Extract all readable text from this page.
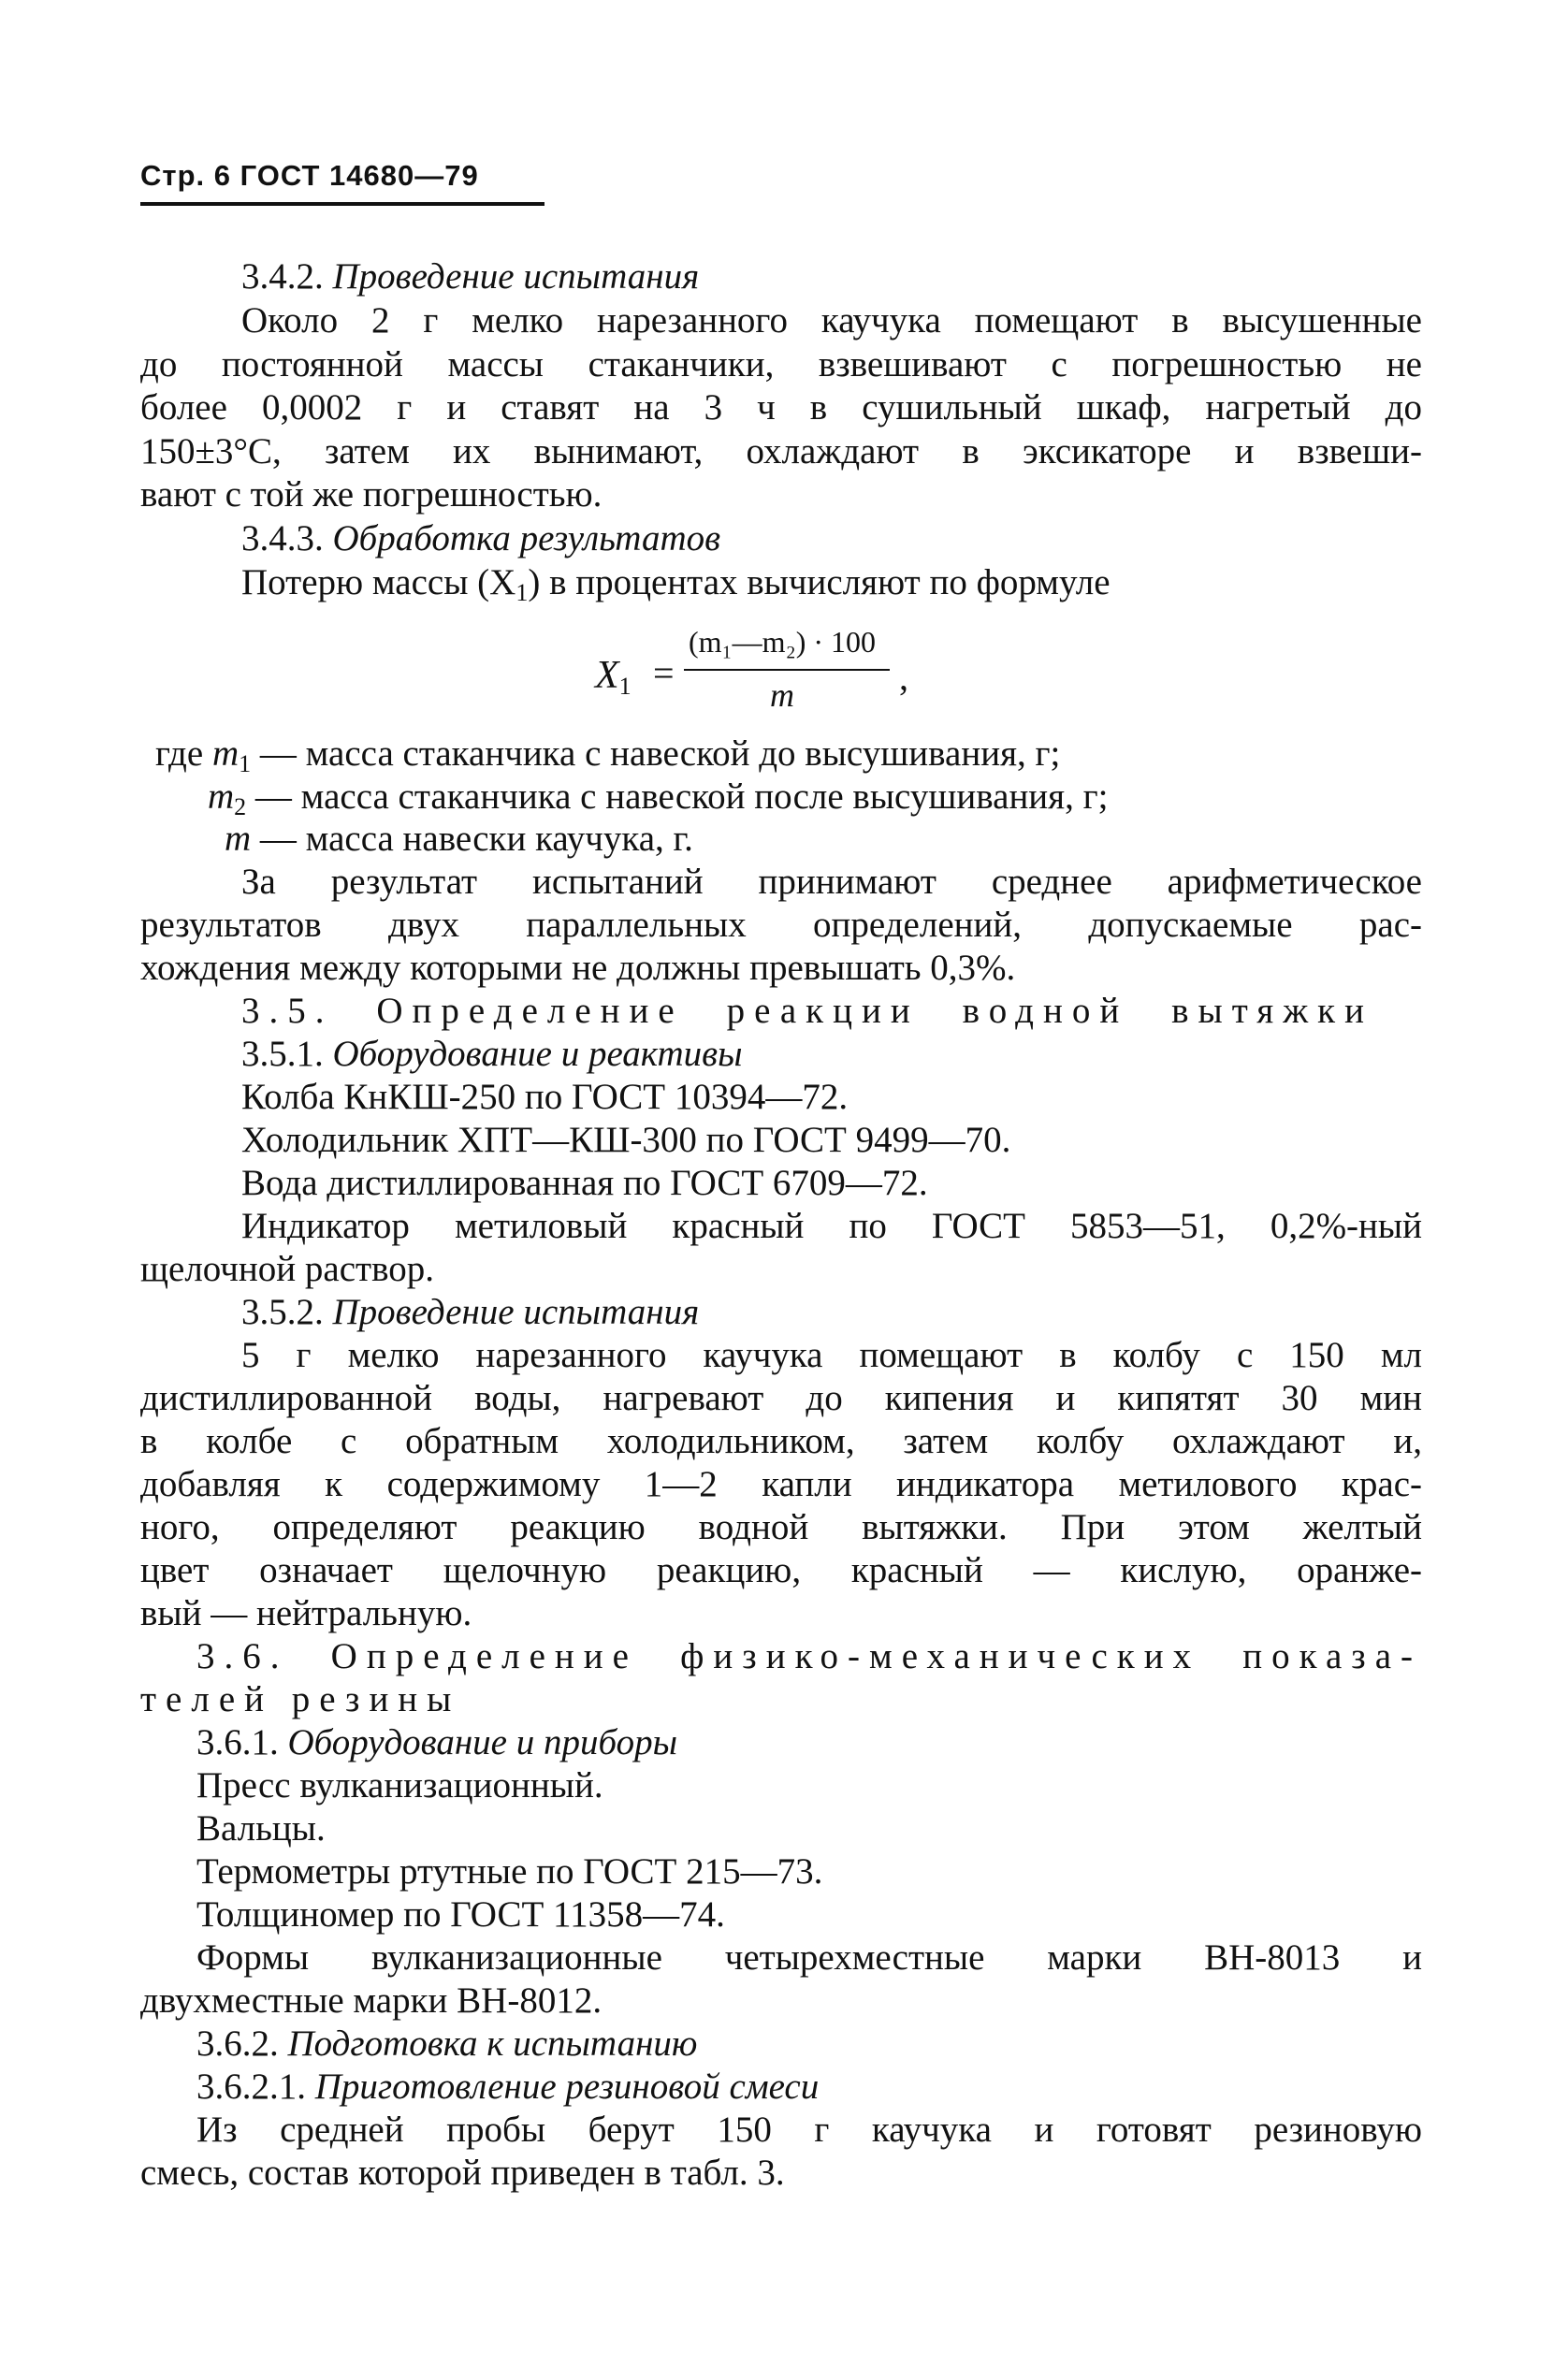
Стр. 6 ГОСТ 14680—79
3.4.2. Проведение испытания
Около 2 г мелко нарезанного каучука помещают в высушенные
до постоянной массы стаканчики, взвешивают с погрешностью не
более 0,0002 г и ставят на 3 ч в сушильный шкаф, нагретый до
150±3°С, затем их вынимают, охлаждают в эксикаторе и взвеши-
вают с той же погрешностью.
3.4.3. Обработка результатов
Потерю массы $(X_1)$ в процентах вычисляют по формуле
$X_1$ =
(m₁—m₂) · 100
m	,
где $m_1$ — масса стаканчика с навеской до высушивания, г;
$m_2$ — масса стаканчика с навеской после высушивания, г;
m — масса навески каучука, г.
За результат испытаний принимают среднее арифметическое
результатов двух параллельных определений, допускаемые рас-
хождения между которыми не должны превышать 0,3%.
3.5. Определение реакции водной вытяжки
3.5.1. Оборудование и реактивы
Колба КнКШ-250 по ГОСТ 10394—72.
Холодильник ХПТ—КШ-300 по ГОСТ 9499—70.
Вода дистиллированная по ГОСТ 6709—72.
Индикатор метиловый красный по ГОСТ 5853—51, 0,2%-ный
щелочной раствор.
3.5.2. Проведение испытания
5 г мелко нарезанного каучука помещают в колбу с 150 мл
дистиллированной воды, нагревают до кипения и кипятят 30 мин
в колбе с обратным холодильником, затем колбу охлаждают и,
добавляя к содержимому 1—2 капли индикатора метилового крас-
ного, определяют реакцию водной вытяжки. При этом желтый
цвет означает щелочную реакцию, красный — кислую, оранже-
вый — нейтральную.
3.6. Определение физико-механических показа-
телей резины
3.6.1. Оборудование и приборы
Пресс вулканизационный.
Вальцы.
Термометры ртутные по ГОСТ 215—73.
Толщиномер по ГОСТ 11358—74.
Формы вулканизационные четырехместные марки ВН-8013 и
двухместные марки ВН-8012.
3.6.2. Подготовка к испытанию
3.6.2.1. Приготовление резиновой смеси
Из средней пробы берут 150 г каучука и готовят резиновую
смесь, состав которой приведен в табл. 3.
